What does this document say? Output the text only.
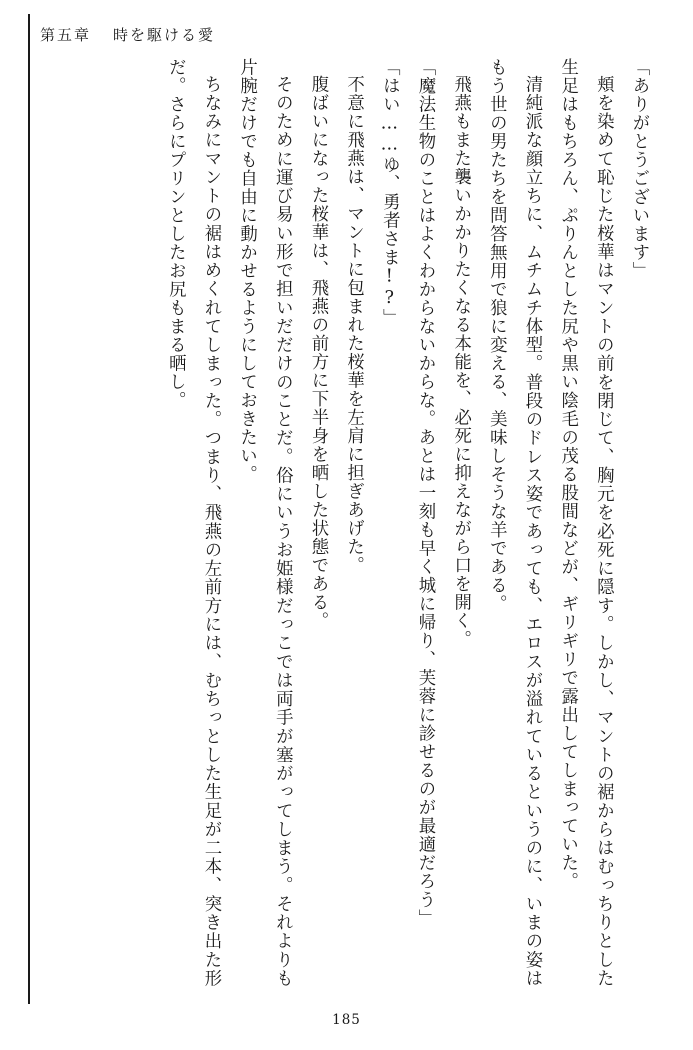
第五章 時を駆ける愛

「ありがとうございます」

頬を染めて恥じた桜華はマントの前を閉じて、胸元を必死に隠す。しかし、マントの裾からはむっちりとした生足はもちろん、ぷりんとした尻や黒い陰毛の茂る股間などが、ギリギリで露出してしまっていた。

清純派な顔立ちに、ムチムチ体型。普段のドレス姿であっても、エロスが溢れているというのに、いまの姿はもう世の男たちを問答無用で狼に変える、美味しそうな羊である。

飛燕もまた襲いかかりたくなる本能を、必死に抑えながら口を開く。

「魔法生物のことはよくわからないからな。あとは一刻も早く城に帰り、芙蓉に診せるのが最適だろう」

「はい……ゆ、勇者さま!?」

不意に飛燕は、マントに包まれた桜華を左肩に担ぎあげた。

腹ばいになった桜華は、飛燕の前方に下半身を晒した状態である。

そのために運び易い形で担いだだけのことだ。俗にいうお姫様だっこでは両手が塞がってしまう。それよりも片腕だけでも自由に動かせるようにしておきたい。

ちなみにマントの裾はめくれてしまった。つまり、飛燕の左前方には、むちっとした生足が二本、突き出た形だ。さらにプリンとしたお尻もまる晒し。

185
